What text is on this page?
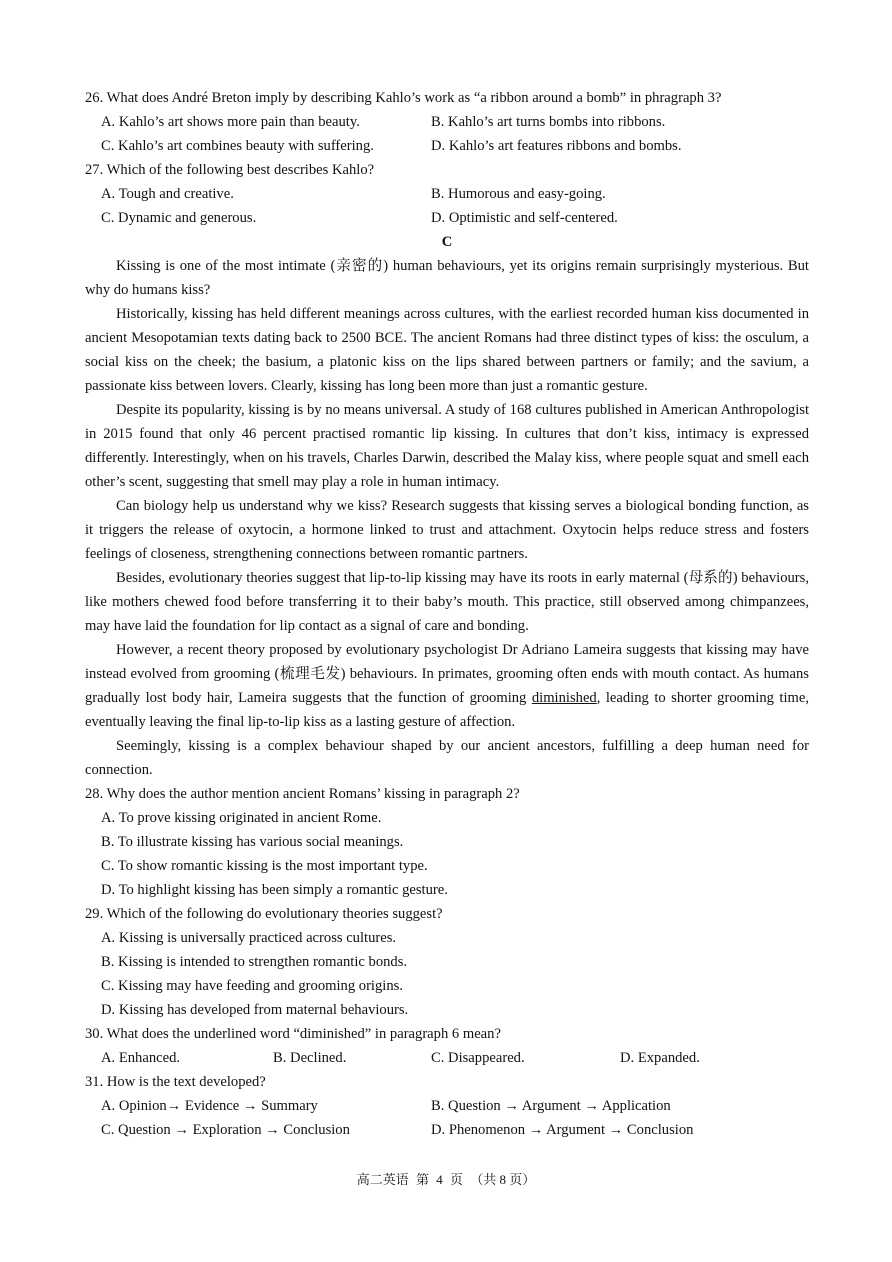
26. What does André Breton imply by describing Kahlo’s work as “a ribbon around a bomb” in phragraph 3?
A. Kahlo’s art shows more pain than beauty.	B. Kahlo’s art turns bombs into ribbons.
C. Kahlo’s art combines beauty with suffering.	D. Kahlo’s art features ribbons and bombs.
27. Which of the following best describes Kahlo?
A. Tough and creative.	B. Humorous and easy-going.
C. Dynamic and generous.	D. Optimistic and self-centered.
C

Kissing is one of the most intimate (亲密的) human behaviours, yet its origins remain surprisingly mysterious. But why do humans kiss?

Historically, kissing has held different meanings across cultures, with the earliest recorded human kiss documented in ancient Mesopotamian texts dating back to 2500 BCE. The ancient Romans had three distinct types of kiss: the osculum, a social kiss on the cheek; the basium, a platonic kiss on the lips shared between partners or family; and the savium, a passionate kiss between lovers. Clearly, kissing has long been more than just a romantic gesture.

Despite its popularity, kissing is by no means universal. A study of 168 cultures published in American Anthropologist in 2015 found that only 46 percent practised romantic lip kissing. In cultures that don’t kiss, intimacy is expressed differently. Interestingly, when on his travels, Charles Darwin, described the Malay kiss, where people squat and smell each other’s scent, suggesting that smell may play a role in human intimacy.

Can biology help us understand why we kiss? Research suggests that kissing serves a biological bonding function, as it triggers the release of oxytocin, a hormone linked to trust and attachment. Oxytocin helps reduce stress and fosters feelings of closeness, strengthening connections between romantic partners.

Besides, evolutionary theories suggest that lip-to-lip kissing may have its roots in early maternal (母系的) behaviours, like mothers chewed food before transferring it to their baby’s mouth. This practice, still observed among chimpanzees, may have laid the foundation for lip contact as a signal of care and bonding.

However, a recent theory proposed by evolutionary psychologist Dr Adriano Lameira suggests that kissing may have instead evolved from grooming (梳理毛发) behaviours. In primates, grooming often ends with mouth contact. As humans gradually lost body hair, Lameira suggests that the function of grooming diminished, leading to shorter grooming time, eventually leaving the final lip-to-lip kiss as a lasting gesture of affection.

Seemingly, kissing is a complex behaviour shaped by our ancient ancestors, fulfilling a deep human need for connection.

28. Why does the author mention ancient Romans’ kissing in paragraph 2?
A. To prove kissing originated in ancient Rome.
B. To illustrate kissing has various social meanings.
C. To show romantic kissing is the most important type.
D. To highlight kissing has been simply a romantic gesture.
29. Which of the following do evolutionary theories suggest?
A. Kissing is universally practiced across cultures.
B. Kissing is intended to strengthen romantic bonds.
C. Kissing may have feeding and grooming origins.
D. Kissing has developed from maternal behaviours.
30. What does the underlined word “diminished” in paragraph 6 mean?
A. Enhanced.	B. Declined.	C. Disappeared.	D. Expanded.
31. How is the text developed?
A. Opinion→ Evidence → Summary	B. Question → Argument → Application
C. Question → Exploration → Conclusion	D. Phenomenon → Argument → Conclusion
高二英语 第 4 页 （共 8 页）
